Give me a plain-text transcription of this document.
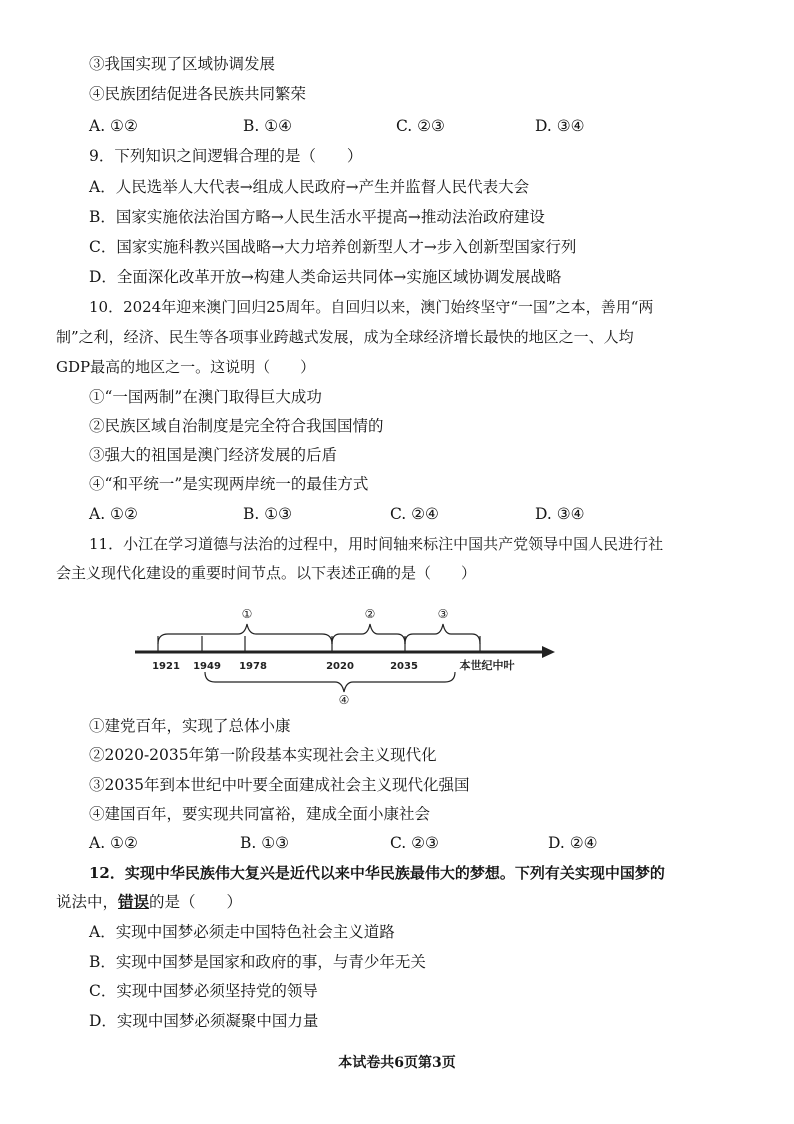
③我国实现了区域协调发展
④民族团结促进各民族共同繁荣
A. ①②	B. ①④	C. ②③	D. ③④
9．下列知识之间逻辑合理的是（　　）
A．人民选举人大代表→组成人民政府→产生并监督人民代表大会
B．国家实施依法治国方略→人民生活水平提高→推动法治政府建设
C．国家实施科教兴国战略→大力培养创新型人才→步入创新型国家行列
D．全面深化改革开放→构建人类命运共同体→实施区域协调发展战略
10．2024年迎来澳门回归25周年。自回归以来，澳门始终坚守“一国”之本，善用“两
制”之利，经济、民生等各项事业跨越式发展，成为全球经济增长最快的地区之一、人均
GDP最高的地区之一。这说明（　　）
①“一国两制”在澳门取得巨大成功
②民族区域自治制度是完全符合我国国情的
③强大的祖国是澳门经济发展的后盾
④“和平统一”是实现两岸统一的最佳方式
A. ①②	B. ①③	C. ②④	D. ③④
11．小江在学习道德与法治的过程中，用时间轴来标注中国共产党领导中国人民进行社
会主义现代化建设的重要时间节点。以下表述正确的是（　　）
①	②	③
1921 1949 1978	2020	2035	本世纪中叶
④
①建党百年，实现了总体小康
②2020-2035年第一阶段基本实现社会主义现代化
③2035年到本世纪中叶要全面建成社会主义现代化强国
④建国百年，要实现共同富裕，建成全面小康社会
A. ①②	B. ①③	C. ②③	D. ②④
12．实现中华民族伟大复兴是近代以来中华民族最伟大的梦想。下列有关实现中国梦的
说法中，错误的是（　　）
A．实现中国梦必须走中国特色社会主义道路
B．实现中国梦是国家和政府的事，与青少年无关
C．实现中国梦必须坚持党的领导
D．实现中国梦必须凝聚中国力量
本试卷共6页第3页
